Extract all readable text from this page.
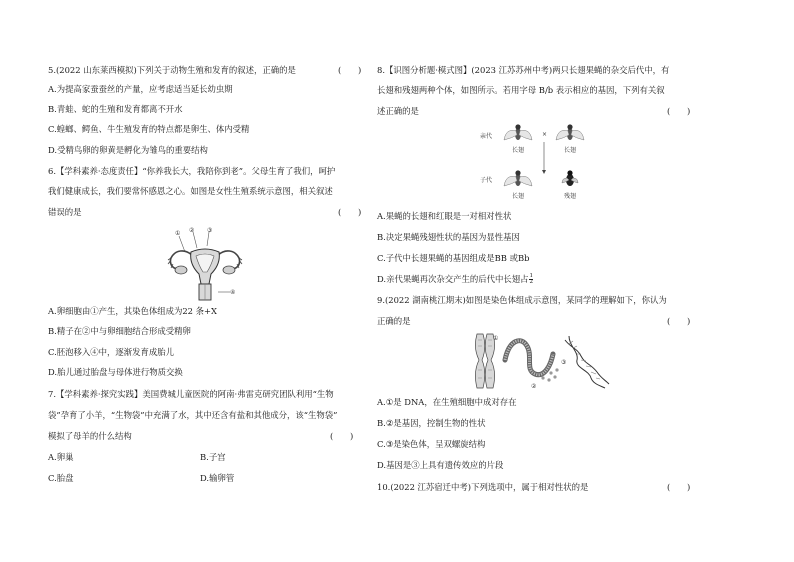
5.(2022 山东莱西模拟)下列关于动物生殖和发育的叙述，正确的是	(　　)
A.为提高家蚕蚕丝的产量，应考虑适当延长幼虫期
B.青蛙、蛇的生殖和发育都离不开水
C.蝗螂、鳄鱼、牛生殖发育的特点都是卵生、体内受精
D.受精鸟卵的卵黄是孵化为雏鸟的重要结构
6.【学科素养·态度责任】“你养我长大，我陪你到老”。父母生育了我们，呵护
我们健康成长，我们要常怀感恩之心。如图是女性生殖系统示意图，相关叙述
错误的是	(　　)
① ② ③
④
A.卵细胞由①产生，其染色体组成为22 条+X
B.精子在②中与卵细胞结合形成受精卵
C.胚泡移入④中，逐渐发育成胎儿
D.胎儿通过胎盘与母体进行物质交换
7.【学科素养·探究实践】美国费城儿童医院的阿南·弗雷克研究团队利用“生物
袋”孕育了小羊，“生物袋”中充满了水，其中还含有盐和其他成分，该“生物袋”
模拟了母羊的什么结构	(　　)
A.卵巢	B.子宫
C.胎盘	D.输卵管
8.【识图分析题·模式图】(2023 江苏苏州中考)两只长翅果蝇的杂交后代中，有
长翅和残翅两种个体，如图所示。若用字母 B/b 表示相应的基因，下列有关叙
述正确的是	(　　)
亲代	×
长翅	长翅
子代
长翅	残翅
A.果蝇的长翅和红眼是一对相对性状
B.决定果蝇残翅性状的基因为显性基因
C.子代中长翅果蝇的基因组成是BB 或Bb
D.亲代果蝇再次杂交产生的后代中长翅占 $\frac{1}{2}$
9.(2022 湖南桃江期末)如图是染色体组成示意图，某同学的理解如下，你认为
正确的是	(　　)
①
②
③
A.①是 DNA，在生殖细胞中成对存在
B.②是基因，控制生物的性状
C.③是染色体，呈双螺旋结构
D.基因是③上具有遗传效应的片段
10.(2022 江苏宿迁中考)下列选项中，属于相对性状的是	(　　)
